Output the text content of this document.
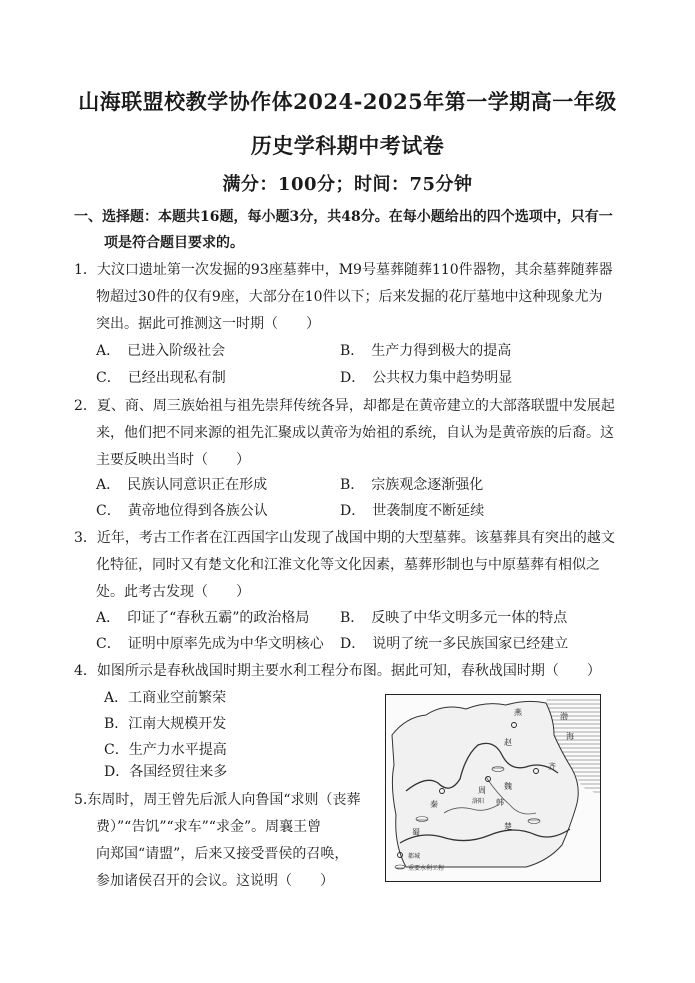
山海联盟校教学协作体2024-2025年第一学期高一年级
历史学科期中考试卷
满分：100分；时间：75分钟
一、选择题：本题共16题，每小题3分，共48分。在每小题给出的四个选项中，只有一
项是符合题目要求的。
1．大汶口遗址第一次发掘的93座墓葬中，M9号墓葬随葬110件器物，其余墓葬随葬器
物超过30件的仅有9座，大部分在10件以下；后来发掘的花厅墓地中这种现象尤为
突出。据此可推测这一时期（　　）
A．　已进入阶级社会	B．　生产力得到极大的提高
C．　已经出现私有制	D．　公共权力集中趋势明显
2．夏、商、周三族始祖与祖先崇拜传统各异，却都是在黄帝建立的大部落联盟中发展起
来，他们把不同来源的祖先汇聚成以黄帝为始祖的系统，自认为是黄帝族的后裔。这
主要反映出当时（　　）
A．　民族认同意识正在形成	B．　宗族观念逐渐强化
C．　黄帝地位得到各族公认	D．　世袭制度不断延续
3．近年，考古工作者在江西国字山发现了战国中期的大型墓葬。该墓葬具有突出的越文
化特征，同时又有楚文化和江淮文化等文化因素，墓葬形制也与中原墓葬有相似之
处。此考古发现（　　）
A．　印证了“春秋五霸”的政治格局 B．　反映了中华文明多元一体的特点
C．　证明中原率先成为中华文明核心 D．　说明了统一多民族国家已经建立
4．如图所示是春秋战国时期主要水利工程分布图。据此可知，春秋战国时期（　　）
A．工商业空前繁荣
B．江南大规模开发
C．生产力水平提高
D．各国经贸往来多
5.东周时，周王曾先后派人向鲁国“求则（丧葬
费）”“告饥”“求车”“求金”。周襄王曾
向郑国“请盟”，后来又接受晋侯的召唤，
参加诸侯召开的会议。这说明（　　）
燕
赵
渤
海
齐
魏
周
秦	洛阳 韩
楚
蜀
都城
重要水利工程
